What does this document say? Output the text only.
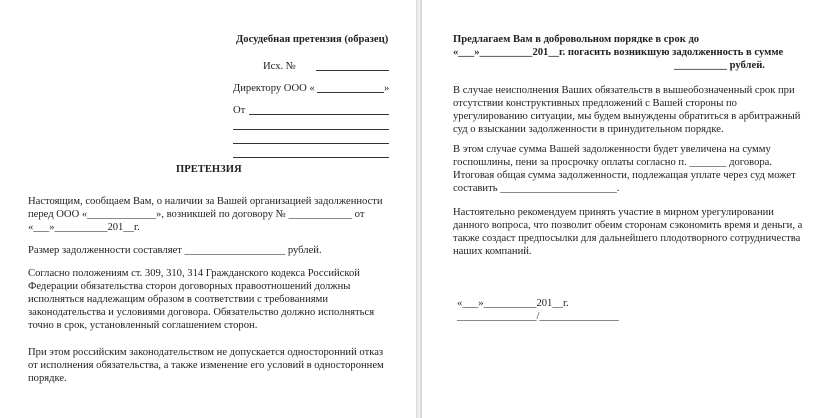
Досудебная претензия (образец)
Исх. №
Директору ООО «	»
От
ПРЕТЕНЗИЯ
Настоящим, сообщаем Вам, о наличии за Вашей организацией задолженности
перед ООО «_____________», возникшей по договору № ____________ от
«___»__________201__г.
Размер задолженности составляет ___________________ рублей.
Согласно положениям ст. 309, 310, 314 Гражданского кодекса Российской
Федерации обязательства сторон договорных правоотношений должны
исполняться надлежащим образом в соответствии с требованиями
законодательства и условиями договора. Обязательство должно исполняться
точно в срок, установленный соглашением сторон.
При этом российским законодательством не допускается односторонний отказ
от исполнения обязательства, а также изменение его условий в одностороннем
порядке.
Предлагаем Вам в добровольном порядке в срок до
«___»__________201__г. погасить возникшую задолженность в сумме
__________ рублей.
В случае неисполнения Ваших обязательств в вышеобозначенный срок при
отсутствии конструктивных предложений с Вашей стороны по
урегулированию ситуации, мы будем вынуждены обратиться в арбитражный
суд о взыскании задолженности в принудительном порядке.
В этом случае сумма Вашей задолженности будет увеличена на сумму
госпошлины, пени за просрочку оплаты согласно п. _______ договора.
Итоговая общая сумма задолженности, подлежащая уплате через суд может
составить ______________________.
Настоятельно рекомендуем принять участие в мирном урегулировании
данного вопроса, что позволит обеим сторонам сэкономить время и деньги, а
также создаст предпосылки для дальнейшего плодотворного сотрудничества
наших компаний.
«___»__________201__г.
_______________/_______________
